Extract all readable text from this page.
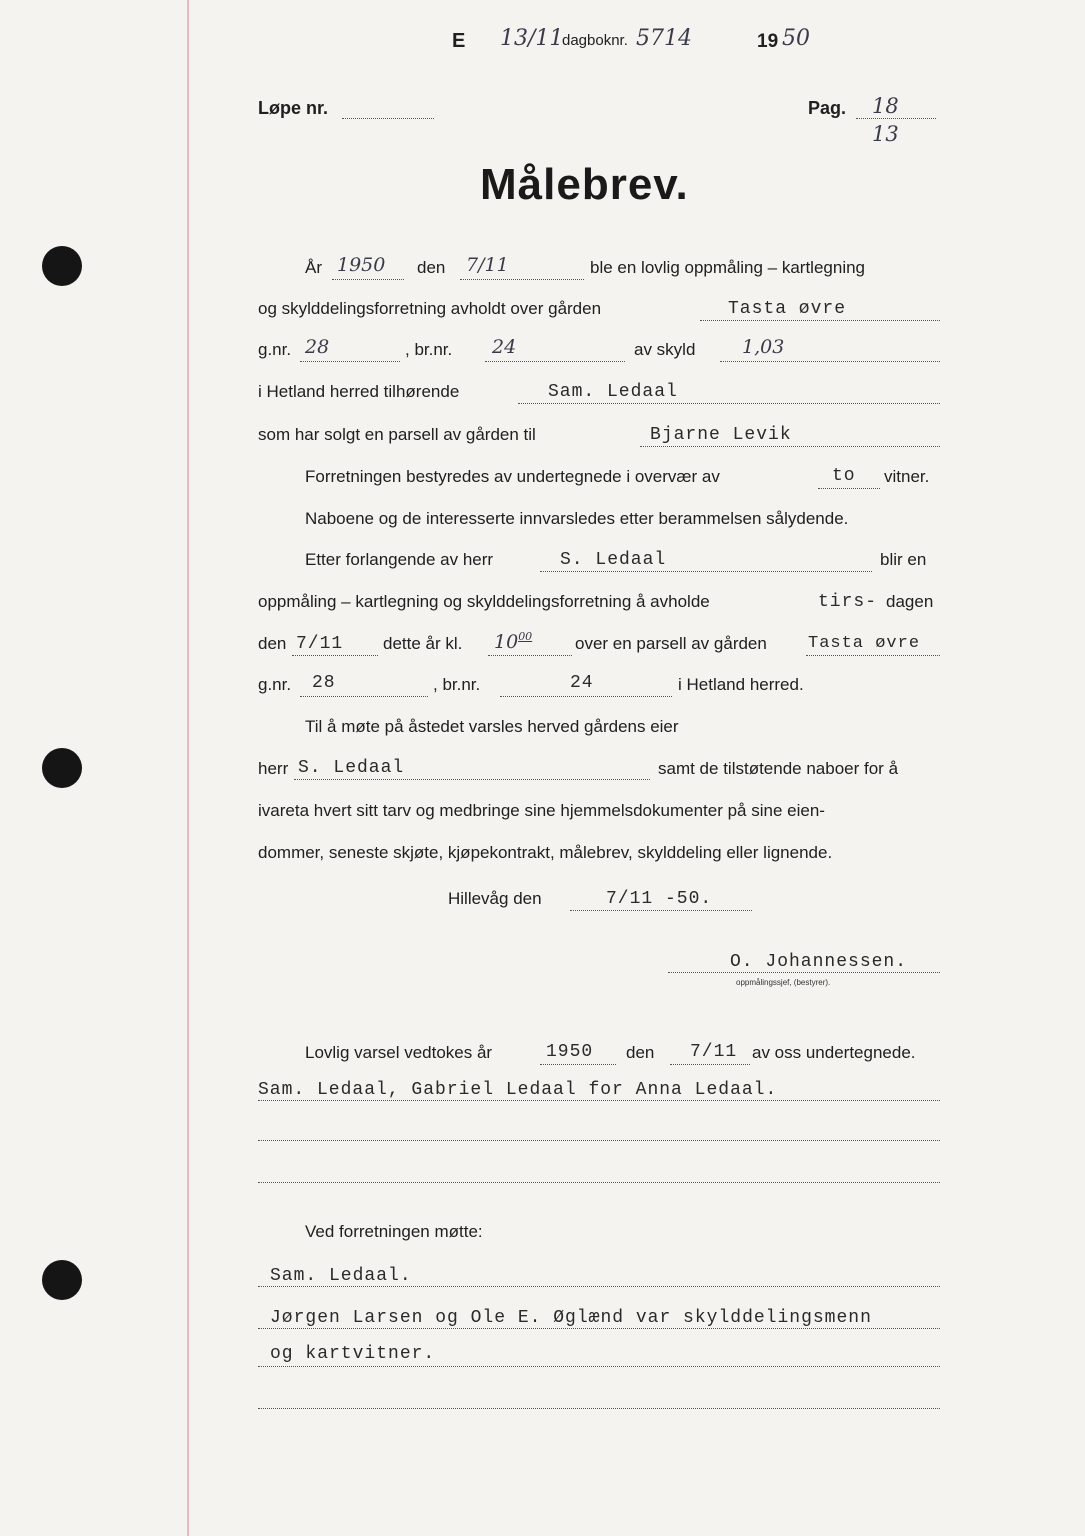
E 13/11
dagboknr. 5714	19 50
Løpe nr.	Pag. 18
13
Målebrev.
År 1950 den 7/11	ble en lovlig oppmåling – kartlegning
og skylddelingsforretning avholdt over gården	Tasta øvre
g.nr. 28	, br.nr. 24	av skyld 1,03
i Hetland herred tilhørende	Sam. Ledaal
som har solgt en parsell av gården til	Bjarne Levik
Forretningen bestyredes av undertegnede i overvær av	to vitner.
Naboene og de interesserte innvarsledes etter berammelsen sålydende.
Etter forlangende av herr	S. Ledaal	blir en
oppmåling – kartlegning og skylddelingsforretning å avholde	tirs- dagen
den 7/11 dette år kl. $10^{00}$	over en parsell av gården Tasta øvre
g.nr. 28	, br.nr.	24	i Hetland herred.
Til å møte på åstedet varsles herved gårdens eier
herr S. Ledaal	samt de tilstøtende naboer for å
ivareta hvert sitt tarv og medbringe sine hjemmelsdokumenter på sine eien-
dommer, seneste skjøte, kjøpekontrakt, målebrev, skylddeling eller lignende.
Hillevåg den	7/11 -50.
O. Johannessen.
oppmålingssjef, (bestyrer).
Lovlig varsel vedtokes år	1950 den 7/11 av oss undertegnede.
Sam. Ledaal, Gabriel Ledaal for Anna Ledaal.
Ved forretningen møtte:
Sam. Ledaal.
Jørgen Larsen og Ole E. Øglænd var skylddelingsmenn
og kartvitner.
